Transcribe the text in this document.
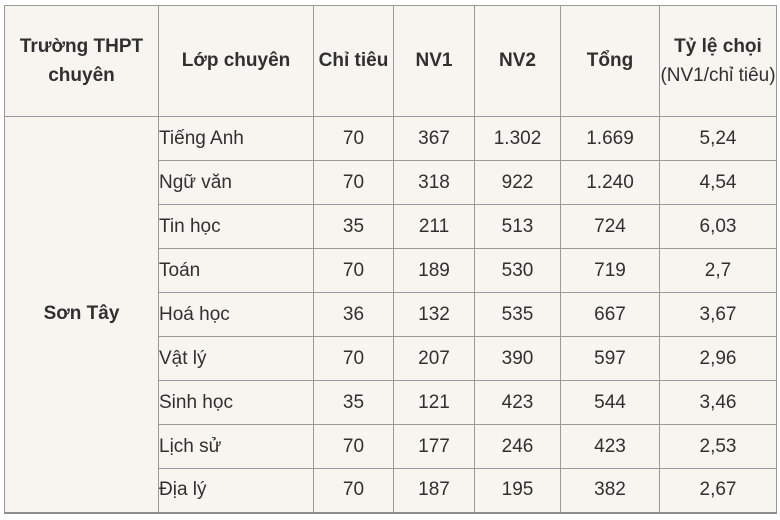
Trường THPT chuyên	Lớp chuyên	Chỉ tiêu	NV1	NV2	Tổng	Tỷ lệ chọi (NV1/chỉ tiêu)
Sơn Tây	Tiếng Anh	70	367	1.302	1.669	5,24
	Ngữ văn	70	318	922	1.240	4,54
	Tin học	35	211	513	724	6,03
	Toán	70	189	530	719	2,7
	Hoá học	36	132	535	667	3,67
	Vật lý	70	207	390	597	2,96
	Sinh học	35	121	423	544	3,46
	Lịch sử	70	177	246	423	2,53
	Địa lý	70	187	195	382	2,67
